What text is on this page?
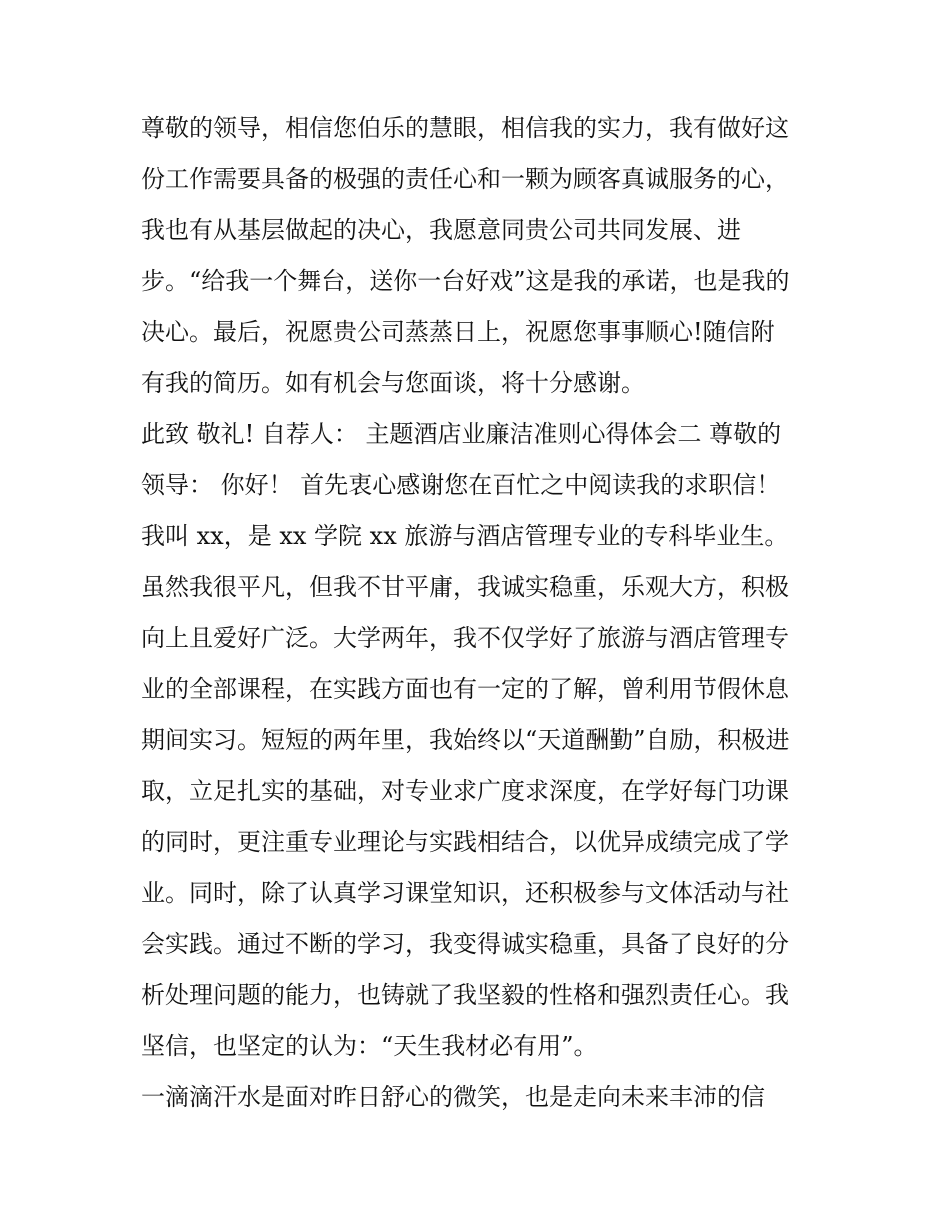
尊敬的领导，相信您伯乐的慧眼，相信我的实力，我有做好这
份工作需要具备的极强的责任心和一颗为顾客真诚服务的心，
我也有从基层做起的决心，我愿意同贵公司共同发展、进
步。“给我一个舞台，送你一台好戏”这是我的承诺，也是我的
决心。最后，祝愿贵公司蒸蒸日上，祝愿您事事顺心!随信附
有我的简历。如有机会与您面谈，将十分感谢。
此致 敬礼! 自荐人： 主题酒店业廉洁准则心得体会二 尊敬的
领导： 你好！ 首先衷心感谢您在百忙之中阅读我的求职信！
我叫 xx，是 xx 学院 xx 旅游与酒店管理专业的专科毕业生。
虽然我很平凡，但我不甘平庸，我诚实稳重，乐观大方，积极
向上且爱好广泛。大学两年，我不仅学好了旅游与酒店管理专
业的全部课程，在实践方面也有一定的了解，曾利用节假休息
期间实习。短短的两年里，我始终以“天道酬勤”自励，积极进
取，立足扎实的基础，对专业求广度求深度，在学好每门功课
的同时，更注重专业理论与实践相结合，以优异成绩完成了学
业。同时，除了认真学习课堂知识，还积极参与文体活动与社
会实践。通过不断的学习，我变得诚实稳重，具备了良好的分
析处理问题的能力，也铸就了我坚毅的性格和强烈责任心。我
坚信，也坚定的认为：“天生我材必有用”。
一滴滴汗水是面对昨日舒心的微笑，也是走向未来丰沛的信
